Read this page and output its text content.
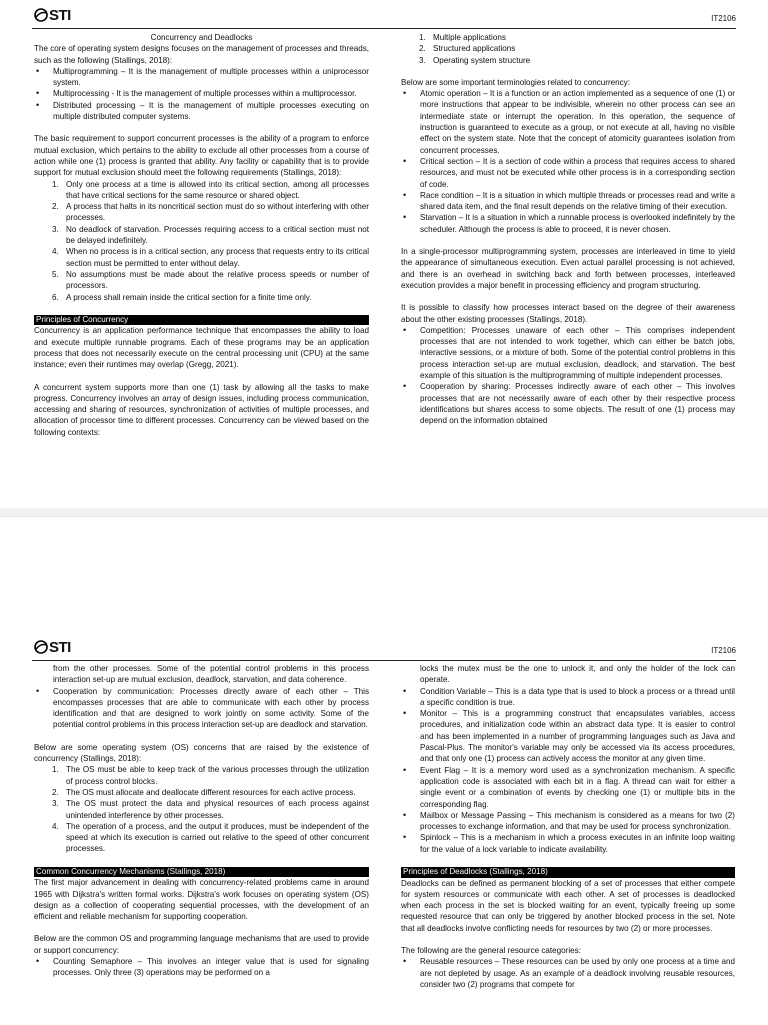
STI	IT2106

Concurrency and Deadlocks

The core of operating system designs focuses on the management of processes and threads, such as the following (Stallings, 2018):

• Multiprogramming – It is the management of multiple processes within a uniprocessor system.
• Multiprocessing - It is the management of multiple processes within a multiprocessor.
• Distributed processing – It is the management of multiple processes executing on multiple distributed computer systems.

The basic requirement to support concurrent processes is the ability of a program to enforce mutual exclusion, which pertains to the ability to exclude all other processes from a course of action while one (1) process is granted that ability. Any facility or capability that is to provide support for mutual exclusion should meet the following requirements (Stallings, 2018):

1. Only one process at a time is allowed into its critical section, among all processes that have critical sections for the same resource or shared object.
2. A process that halts in its noncritical section must do so without interfering with other processes.
3. No deadlock of starvation. Processes requiring access to a critical section must not be delayed indefinitely.
4. When no process is in a critical section, any process that requests entry to its critical section must be permitted to enter without delay.
5. No assumptions must be made about the relative process speeds or number of processors.
6. A process shall remain inside the critical section for a finite time only.

Principles of Concurrency

Concurrency is an application performance technique that encompasses the ability to load and execute multiple runnable programs. Each of these programs may be an application process that does not necessarily execute on the central processing unit (CPU) at the same instance; even their runtimes may overlap (Gregg, 2021).

A concurrent system supports more than one (1) task by allowing all the tasks to make progress. Concurrency involves an array of design issues, including process communication, accessing and sharing of resources, synchronization of activities of multiple processes, and allocation of processor time to different processes. Concurrency can be viewed based on the following contexts:

1. Multiple applications
2. Structured applications
3. Operating system structure

Below are some important terminologies related to concurrency:

• Atomic operation – It is a function or an action implemented as a sequence of one (1) or more instructions that appear to be indivisible, wherein no other process can see an intermediate state or interrupt the operation. In this operation, the sequence of instruction is guaranteed to execute as a group, or not execute at all, having no visible effect on the system state. Note that the concept of atomicity guarantees isolation from concurrent processes.
• Critical section – It is a section of code within a process that requires access to shared resources, and must not be executed while other process is in a corresponding section of code.
• Race condition – It is a situation in which multiple threads or processes read and write a shared data item, and the final result depends on the relative timing of their execution.
• Starvation – It is a situation in which a runnable process is overlooked indefinitely by the scheduler. Although the process is able to proceed, it is never chosen.

In a single-processor multiprogramming system, processes are interleaved in time to yield the appearance of simultaneous execution. Even actual parallel processing is not achieved, and there is an overhead in switching back and forth between processes, interleaved execution provides a major benefit in processing efficiency and program structuring.

It is possible to classify how processes interact based on the degree of their awareness about the other existing processes (Stallings, 2018).

• Competition: Processes unaware of each other – This comprises independent processes that are not intended to work together, which can either be batch jobs, interactive sessions, or a mixture of both. Some of the potential control problems in this process interaction set-up are mutual exclusion, deadlock, and starvation. The best example of this situation is the multiprogramming of multiple independent processes.
• Cooperation by sharing: Processes indirectly aware of each other – This involves processes that are not necessarily aware of each other by their respective process identifications but shares access to some objects. The result of one (1) process may depend on the information obtained
STI	IT2106

from the other processes. Some of the potential control problems in this process interaction set-up are mutual exclusion, deadlock, starvation, and data coherence.

• Cooperation by communication: Processes directly aware of each other – This encompasses processes that are able to communicate with each other by process identification and that are designed to work jointly on some activity. Some of the potential control problems in this process interaction set-up are deadlock and starvation.

Below are some operating system (OS) concerns that are raised by the existence of concurrency (Stallings, 2018):

1. The OS must be able to keep track of the various processes through the utilization of process control blocks.
2. The OS must allocate and deallocate different resources for each active process.
3. The OS must protect the data and physical resources of each process against unintended interference by other processes.
4. The operation of a process, and the output it produces, must be independent of the speed at which its execution is carried out relative to the speed of other concurrent processes.

Common Concurrency Mechanisms (Stallings, 2018)

The first major advancement in dealing with concurrency-related problems came in around 1965 with Dijkstra's written formal works. Dijkstra's work focuses on operating system (OS) design as a collection of cooperating sequential processes, with the development of an efficient and reliable mechanism for supporting cooperation.

Below are the common OS and programming language mechanisms that are used to provide or support concurrency:

• Counting Semaphore – This involves an integer value that is used for signaling processes. Only three (3) operations may be performed on a

locks the mutex must be the one to unlock it, and only the holder of the lock can operate.

• Condition Variable – This is a data type that is used to block a process or a thread until a specific condition is true.
• Monitor – This is a programming construct that encapsulates variables, access procedures, and initialization code within an abstract data type. It is easier to control and has been implemented in a number of programming languages such as Java and Pascal-Plus. The monitor's variable may only be accessed via its access procedures, and that only one (1) process can actively access the monitor at any given time.
• Event Flag – It is a memory word used as a synchronization mechanism. A specific application code is associated with each bit in a flag. A thread can wait for either a single event or a combination of events by checking one (1) or multiple bits in the corresponding flag.
• Mailbox or Message Passing – This mechanism is considered as a means for two (2) processes to exchange information, and that may be used for process synchronization.
• Spinlock – This is a mechanism in which a process executes in an infinite loop waiting for the value of a lock variable to indicate availability.

Principles of Deadlocks (Stallings, 2018)

Deadlocks can be defined as permanent blocking of a set of processes that either compete for system resources or communicate with each other. A set of processes is deadlocked when each process in the set is blocked waiting for an event, typically freeing up some requested resource that can only be triggered by another blocked process in the set. Note that all deadlocks involve conflicting needs for resources by two (2) or more processes.

The following are the general resource categories:

• Reusable resources – These resources can be used by only one process at a time and are not depleted by usage. As an example of a deadlock involving reusable resources, consider two (2) programs that compete for
